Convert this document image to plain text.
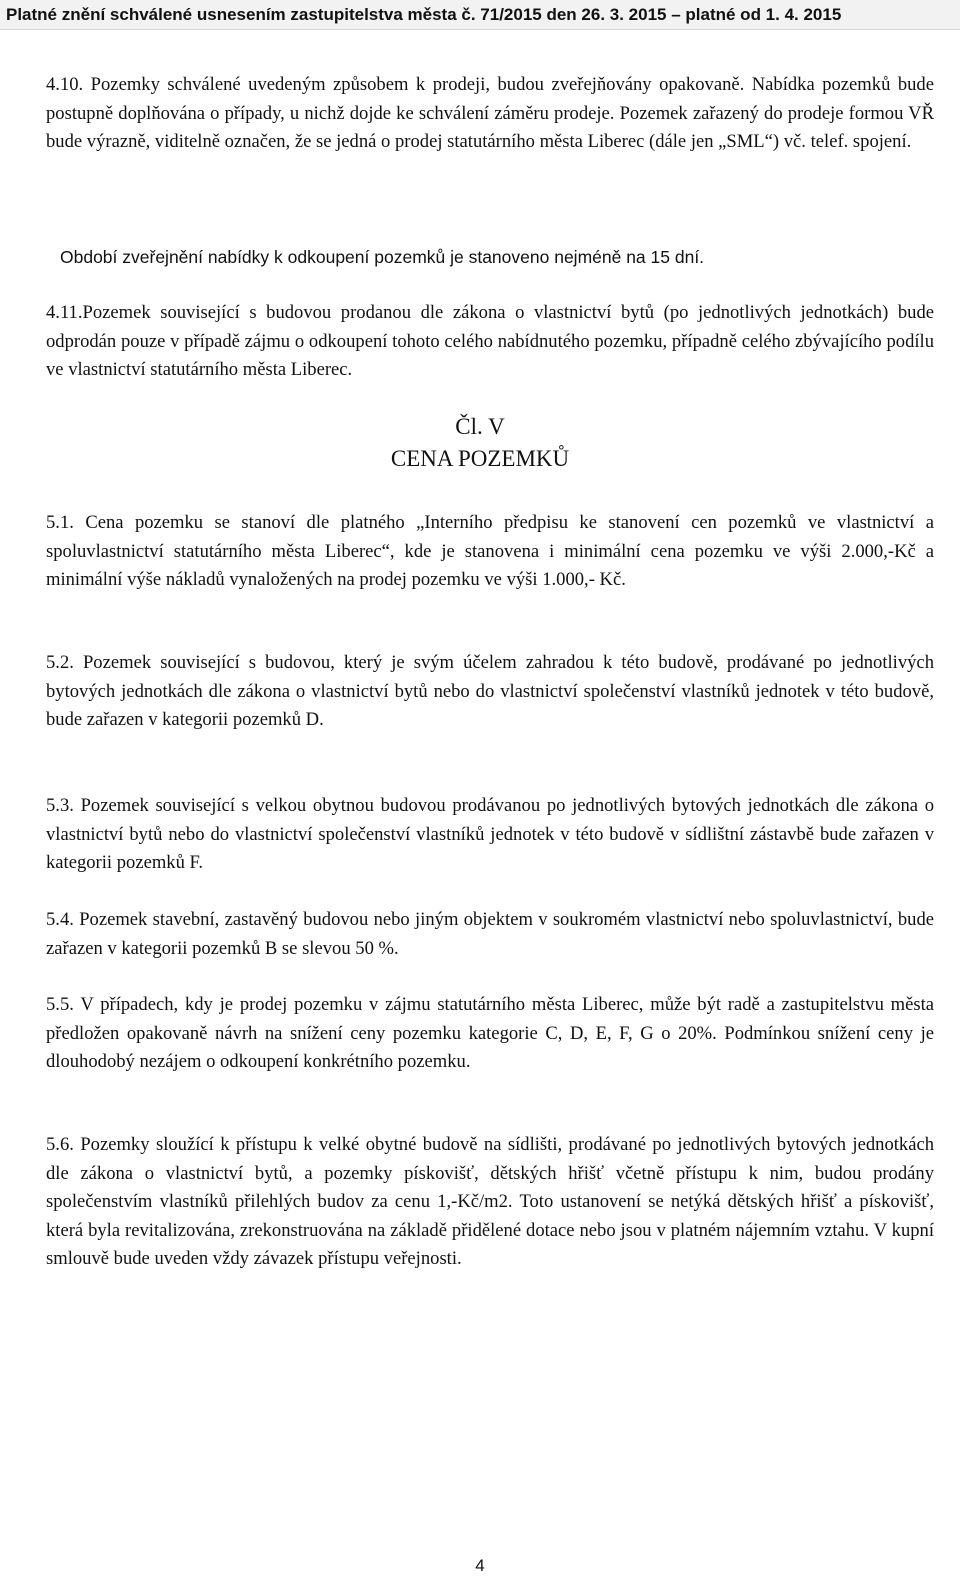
Platné znění schválené usnesením zastupitelstva města č. 71/2015 den 26. 3. 2015 – platné od 1. 4. 2015
4.10. Pozemky schválené uvedeným způsobem k prodeji, budou zveřejňovány opakovaně. Nabídka pozemků bude postupně doplňována o případy, u nichž dojde ke schválení záměru prodeje. Pozemek zařazený do prodeje formou VŘ bude výrazně, viditelně označen, že se jedná o prodej statutárního města Liberec (dále jen „SML“) vč. telef. spojení.
Období zveřejnění nabídky k odkoupení pozemků je stanoveno nejméně na 15 dní.
4.11.Pozemek související s budovou prodanou dle zákona o vlastnictví bytů (po jednotlivých jednotkách) bude odprodán pouze v případě zájmu o odkoupení tohoto celého nabídnutého pozemku, případně celého zbývajícího podílu ve vlastnictví statutárního města Liberec.
Čl. V
CENA POZEMKŮ
5.1. Cena pozemku se stanoví dle platného „Interního předpisu ke stanovení cen pozemků ve vlastnictví a spoluvlastnictví statutárního města Liberec“, kde je stanovena i minimální cena pozemku ve výši 2.000,-Kč a minimální výše nákladů vynaložených na prodej pozemku ve výši 1.000,- Kč.
5.2. Pozemek související s budovou, který je svým účelem zahradou k této budově, prodávané po jednotlivých bytových jednotkách dle zákona o vlastnictví bytů nebo do vlastnictví společenství vlastníků jednotek v této budově, bude zařazen v kategorii pozemků D.
5.3. Pozemek související s velkou obytnou budovou prodávanou po jednotlivých bytových jednotkách dle zákona o vlastnictví bytů nebo do vlastnictví společenství vlastníků jednotek v této budově v sídlištní zástavbě bude zařazen v kategorii pozemků F.
5.4. Pozemek stavební, zastavěný budovou nebo jiným objektem v soukromém vlastnictví nebo spoluvlastnictví, bude zařazen v kategorii pozemků B se slevou 50 %.
5.5. V případech, kdy je prodej pozemku v zájmu statutárního města Liberec, může být radě a zastupitelstvu města předložen opakovaně návrh na snížení ceny pozemku kategorie C, D, E, F, G o 20%. Podmínkou snížení ceny je dlouhodobý nezájem o odkoupení konkrétního pozemku.
5.6. Pozemky sloužící k přístupu k velké obytné budově na sídlišti, prodávané po jednotlivých bytových jednotkách dle zákona o vlastnictví bytů, a pozemky pískovišť, dětských hřišť včetně přístupu k nim, budou prodány společenstvím vlastníků přilehlých budov za cenu 1,-Kč/m2. Toto ustanovení se netýká dětských hřišť a pískovišť, která byla revitalizována, zrekonstruována na základě přidělené dotace nebo jsou v platném nájemním vztahu. V kupní smlouvě bude uveden vždy závazek přístupu veřejnosti.
4
